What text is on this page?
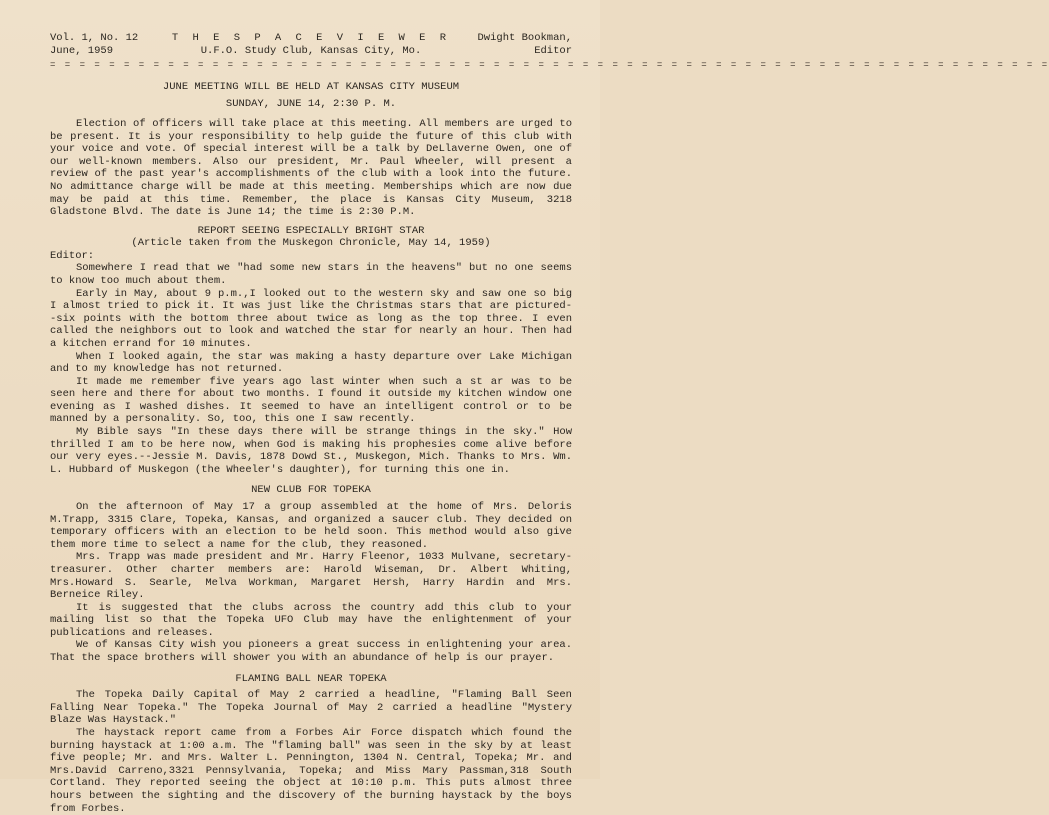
Vol. 1, No. 12
June, 1959
T H E S P A C E V I E W E R
U.F.O. Study Club, Kansas City, Mo.
Dwight Bookman,
Editor
= = = = = = = = = = = = = = = = = = = = = = = = = = = = = = = = = = = = = = = = = = = = = = = = = = = = = = = = = = = = = = = = = = = =
JUNE MEETING WILL BE HELD AT KANSAS CITY MUSEUM
SUNDAY, JUNE 14, 2:30 P. M.

Election of officers will take place at this meeting. All members are urged to be present. It is your responsibility to help guide the future of this club with your voice and vote. Of special interest will be a talk by DeLlaverne Owen, one of our well-known members. Also our president, Mr. Paul Wheeler, will present a review of the past year's accomplishments of the club with a look into the future. No admittance charge will be made at this meeting. Memberships which are now due may be paid at this time. Remember, the place is Kansas City Museum, 3218 Gladstone Blvd. The date is June 14; the time is 2:30 P.M.

REPORT SEEING ESPECIALLY BRIGHT STAR
(Article taken from the Muskegon Chronicle, May 14, 1959)

Editor:

Somewhere I read that we "had some new stars in the heavens" but no one seems to know too much about them.

Early in May, about 9 p.m.,I looked out to the western sky and saw one so big I almost tried to pick it. It was just like the Christmas stars that are pictured--six points with the bottom three about twice as long as the top three. I even called the neighbors out to look and watched the star for nearly an hour. Then had a kitchen errand for 10 minutes.

When I looked again, the star was making a hasty departure over Lake Michigan and to my knowledge has not returned.

It made me remember five years ago last winter when such a st ar was to be seen here and there for about two months. I found it outside my kitchen window one evening as I washed dishes. It seemed to have an intelligent control or to be manned by a personality. So, too, this one I saw recently.

My Bible says "In these days there will be strange things in the sky." How thrilled I am to be here now, when God is making his prophesies come alive before our very eyes.--Jessie M. Davis, 1878 Dowd St., Muskegon, Mich. Thanks to Mrs. Wm. L. Hubbard of Muskegon (the Wheeler's daughter), for turning this one in.

NEW CLUB FOR TOPEKA

On the afternoon of May 17 a group assembled at the home of Mrs. Deloris M.Trapp, 3315 Clare, Topeka, Kansas, and organized a saucer club. They decided on temporary officers with an election to be held soon. This method would also give them more time to select a name for the club, they reasoned.

Mrs. Trapp was made president and Mr. Harry Fleenor, 1033 Mulvane, secretary-treasurer. Other charter members are: Harold Wiseman, Dr. Albert Whiting, Mrs.Howard S. Searle, Melva Workman, Margaret Hersh, Harry Hardin and Mrs. Berneice Riley.

It is suggested that the clubs across the country add this club to your mailing list so that the Topeka UFO Club may have the enlightenment of your publications and releases.

We of Kansas City wish you pioneers a great success in enlightening your area. That the space brothers will shower you with an abundance of help is our prayer.

FLAMING BALL NEAR TOPEKA

The Topeka Daily Capital of May 2 carried a headline, "Flaming Ball Seen Falling Near Topeka." The Topeka Journal of May 2 carried a headline "Mystery Blaze Was Haystack."

The haystack report came from a Forbes Air Force dispatch which found the burning haystack at 1:00 a.m. The "flaming ball" was seen in the sky by at least five people; Mr. and Mrs. Walter L. Pennington, 1304 N. Central, Topeka; Mr. and Mrs.David Carreno,3321 Pennsylvania, Topeka; and Miss Mary Passman,318 South Cortland. They reported seeing the object at 10:10 p.m. This puts almost three hours between the sighting and the discovery of the burning haystack by the boys from Forbes.
